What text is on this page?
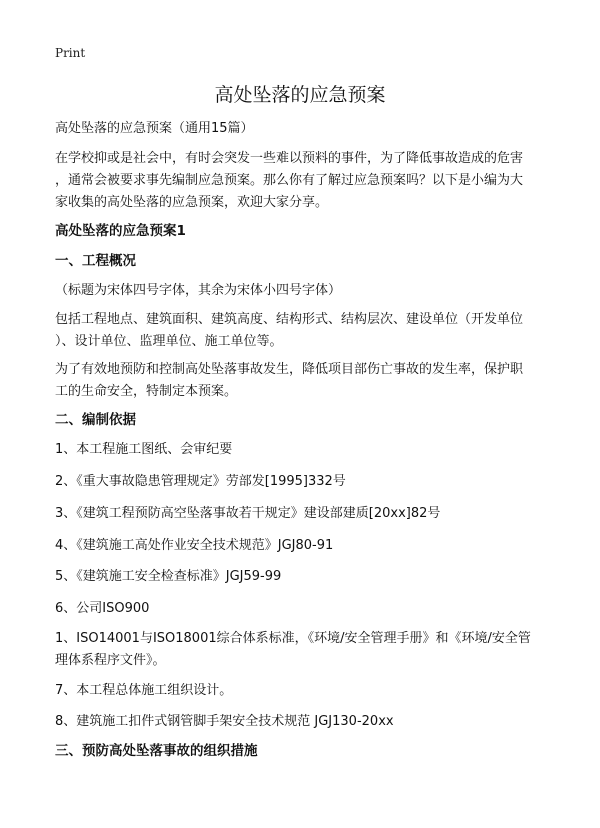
Print
高处坠落的应急预案
高处坠落的应急预案（通用15篇）
在学校抑或是社会中，有时会突发一些难以预料的事件，为了降低事故造成的危害
，通常会被要求事先编制应急预案。那么你有了解过应急预案吗？以下是小编为大
家收集的高处坠落的应急预案，欢迎大家分享。
高处坠落的应急预案1
一、工程概况
（标题为宋体四号字体，其余为宋体小四号字体）
包括工程地点、建筑面积、建筑高度、结构形式、结构层次、建设单位（开发单位
）、设计单位、监理单位、施工单位等。
为了有效地预防和控制高处坠落事故发生，降低项目部伤亡事故的发生率，保护职
工的生命安全，特制定本预案。
二、编制依据
1、本工程施工图纸、会审纪要
2、《重大事故隐患管理规定》劳部发[1995]332号
3、《建筑工程预防高空坠落事故若干规定》建设部建质[20xx]82号
4、《建筑施工高处作业安全技术规范》JGJ80-91
5、《建筑施工安全检查标准》JGJ59-99
6、公司ISO900
1、ISO14001与ISO18001综合体系标准，《环境/安全管理手册》和《环境/安全管
理体系程序文件》。
7、本工程总体施工组织设计。
8、建筑施工扣件式钢管脚手架安全技术规范 JGJ130-20xx
三、预防高处坠落事故的组织措施
